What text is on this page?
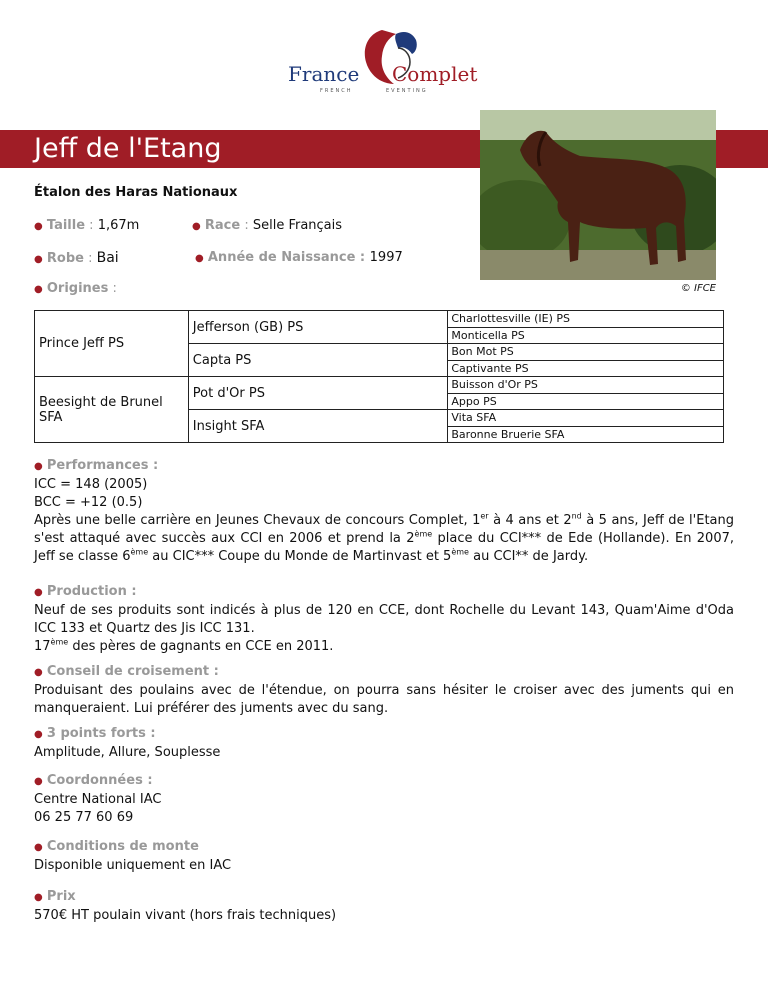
France Complet
FRENCH	EVENTING
Jeff de l'Etang
© IFCE
Étalon des Haras Nationaux
● Taille : 1,67m	● Race : Selle Français
● Robe : Bai	● Année de Naissance : 1997
● Origines :
Prince Jeff PS	Jefferson (GB) PS	Charlottesville (IE) PS
		Monticella PS
	Capta PS	Bon Mot PS
		Captivante PS
Beesight de Brunel SFA	Pot d'Or PS	Buisson d'Or PS
		Appo PS
	Insight SFA	Vita SFA
		Baronne Bruerie SFA
● Performances :
ICC = 148 (2005)
BCC = +12 (0.5)

Après une belle carrière en Jeunes Chevaux de concours Complet, 1er à 4 ans et 2nd à 5 ans, Jeff de l'Etang s'est attaqué avec succès aux CCI en 2006 et prend la 2ème place du CCI*** de Ede (Hollande). En 2007, Jeff se classe 6ème au CIC*** Coupe du Monde de Martinvast et 5ème au CCI** de Jardy.

● Production :

Neuf de ses produits sont indicés à plus de 120 en CCE, dont Rochelle du Levant 143, Quam'Aime d'Oda ICC 133 et Quartz des Jis ICC 131.

17ème des pères de gagnants en CCE en 2011.
● Conseil de croisement :

Produisant des poulains avec de l'étendue, on pourra sans hésiter le croiser avec des juments qui en manqueraient. Lui préférer des juments avec du sang.

● 3 points forts :
Amplitude, Allure, Souplesse
● Coordonnées :
Centre National IAC
06 25 77 60 69
● Conditions de monte
Disponible uniquement en IAC
● Prix
570€ HT poulain vivant (hors frais techniques)
